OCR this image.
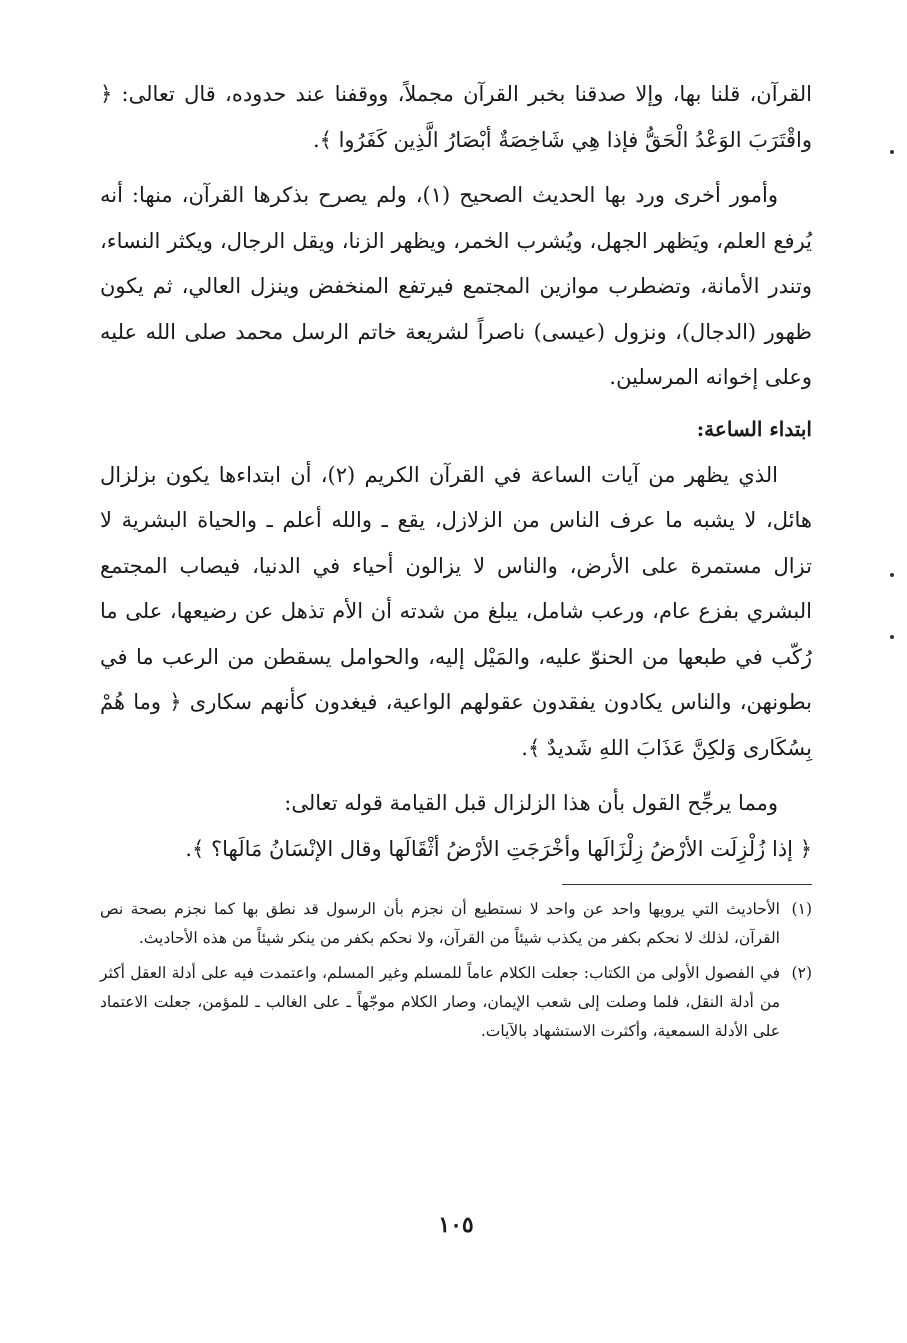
القرآن، قلنا بها، وإلا صدقنا بخبر القرآن مجملاً، ووقفنا عند حدوده، قال تعالى: ﴿ واقْتَرَبَ الوَعْدُ الْحَقُّ فإذا هِي شَاخِصَةٌ أبْصَارُ الَّذِين كَفَرُوا ﴾.

وأمور أخرى ورد بها الحديث الصحيح (١)، ولم يصرح بذكرها القرآن، منها: أنه يُرفع العلم، ويَظهر الجهل، ويُشرب الخمر، ويظهر الزنا، ويقل الرجال، ويكثر النساء، وتندر الأمانة، وتضطرب موازين المجتمع فيرتفع المنخفض وينزل العالي، ثم يكون ظهور (الدجال)، ونزول (عيسى) ناصراً لشريعة خاتم الرسل محمد صلى الله عليه وعلى إخوانه المرسلين.

ابتداء الساعة:

الذي يظهر من آيات الساعة في القرآن الكريم (٢)، أن ابتداءها يكون بزلزال هائل، لا يشبه ما عرف الناس من الزلازل، يقع ـ والله أعلم ـ والحياة البشرية لا تزال مستمرة على الأرض، والناس لا يزالون أحياء في الدنيا، فيصاب المجتمع البشري بفزع عام، ورعب شامل، يبلغ من شدته أن الأم تذهل عن رضيعها، على ما رُكّب في طبعها من الحنوّ عليه، والمَيْل إليه، والحوامل يسقطن من الرعب ما في بطونهن، والناس يكادون يفقدون عقولهم الواعية، فيغدون كأنهم سكارى ﴿ وما هُمْ بِسُكَارى وَلكِنَّ عَذَابَ اللهِ شَديدٌ ﴾.

ومما يرجِّح القول بأن هذا الزلزال قبل القيامة قوله تعالى:

﴿ إذا زُلْزِلَت الأرْضُ زِلْزَالَها وأخْرَجَتِ الأرْضُ أثْقَالَها وقال الإنْسَانُ مَالَها؟ ﴾.

(١)
الأحاديث التي يرويها واحد عن واحد لا نستطيع أن نجزم بأن الرسول قد نطق بها كما نجزم بصحة نص القرآن، لذلك لا نحكم بكفر من يكذب شيئاً من القرآن، ولا نحكم بكفر من ينكر شيئاً من هذه الأحاديث.
(٢)
في الفصول الأولى من الكتاب: جعلت الكلام عاماً للمسلم وغير المسلم، واعتمدت فيه على أدلة العقل أكثر من أدلة النقل، فلما وصلت إلى شعب الإيمان، وصار الكلام موجّهاً ـ على الغالب ـ للمؤمن، جعلت الاعتماد على الأدلة السمعية، وأكثرت الاستشهاد بالآيات.
١٠٥
